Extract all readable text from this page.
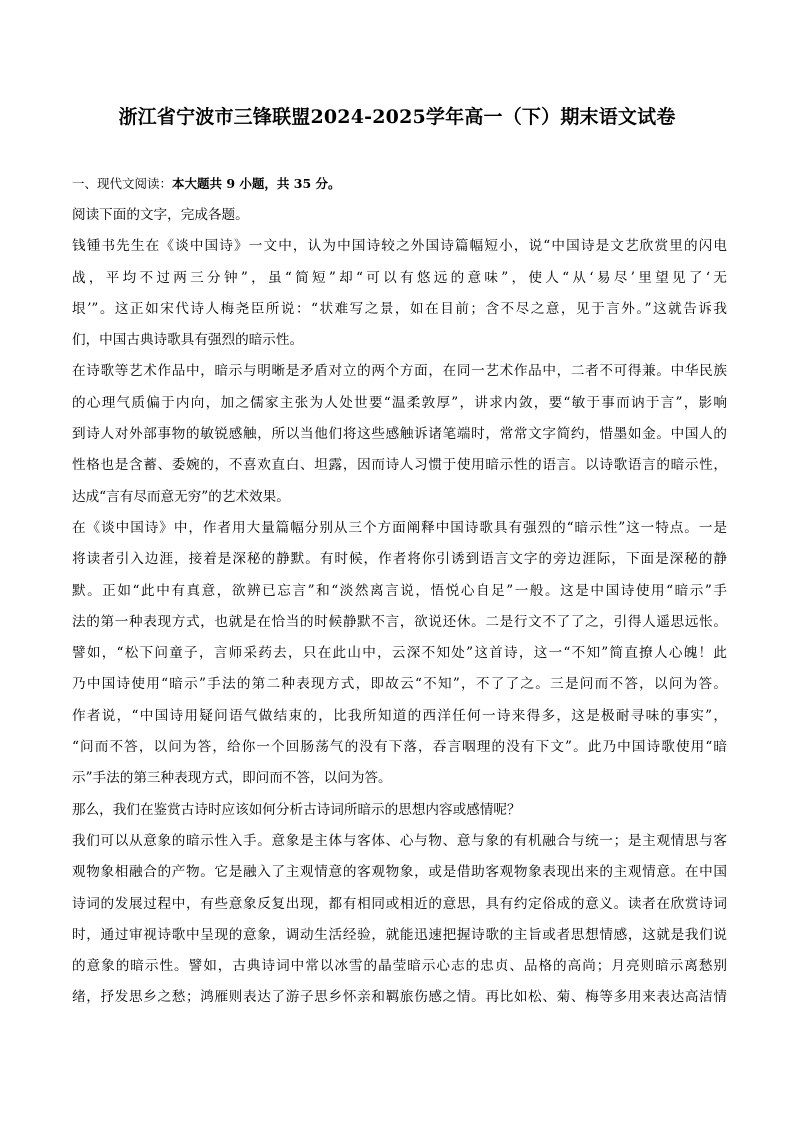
浙江省宁波市三锋联盟2024-2025学年高一（下）期末语文试卷
一、现代文阅读：本大题共 9 小题，共 35 分。
阅读下面的文字，完成各题。
钱锺书先生在《谈中国诗》一文中，认为中国诗较之外国诗篇幅短小，说“中国诗是文艺欣赏里的闪电
战，平均不过两三分钟”，虽“简短”却“可以有悠远的意味”，使人“从‘易尽’里望见了‘无
垠’”。这正如宋代诗人梅尧臣所说：“状难写之景，如在目前；含不尽之意，见于言外。”这就告诉我
们，中国古典诗歌具有强烈的暗示性。
在诗歌等艺术作品中，暗示与明晰是矛盾对立的两个方面，在同一艺术作品中，二者不可得兼。中华民族
的心理气质偏于内向，加之儒家主张为人处世要“温柔敦厚”，讲求内敛，要“敏于事而讷于言”，影响
到诗人对外部事物的敏锐感触，所以当他们将这些感触诉诸笔端时，常常文字简约，惜墨如金。中国人的
性格也是含蓄、委婉的，不喜欢直白、坦露，因而诗人习惯于使用暗示性的语言。以诗歌语言的暗示性，
达成“言有尽而意无穷”的艺术效果。
在《谈中国诗》中，作者用大量篇幅分别从三个方面阐释中国诗歌具有强烈的“暗示性”这一特点。一是
将读者引入边涯，接着是深秘的静默。有时候，作者将你引诱到语言文字的旁边涯际，下面是深秘的静
默。正如“此中有真意，欲辨已忘言”和“淡然离言说，悟悦心自足”一般。这是中国诗使用“暗示”手
法的第一种表现方式，也就是在恰当的时候静默不言，欲说还休。二是行文不了了之，引得人遥思远怅。
譬如，“松下问童子，言师采药去，只在此山中，云深不知处”这首诗，这一“不知”简直撩人心魄！此
乃中国诗使用“暗示”手法的第二种表现方式，即故云“不知”，不了了之。三是问而不答，以问为答。
作者说，“中国诗用疑问语气做结束的，比我所知道的西洋任何一诗来得多，这是极耐寻味的事实”，
“问而不答，以问为答，给你一个回肠荡气的没有下落，吞言咽理的没有下文”。此乃中国诗歌使用“暗
示”手法的第三种表现方式，即问而不答，以问为答。
那么，我们在鉴赏古诗时应该如何分析古诗词所暗示的思想内容或感情呢？
我们可以从意象的暗示性入手。意象是主体与客体、心与物、意与象的有机融合与统一；是主观情思与客
观物象相融合的产物。它是融入了主观情意的客观物象，或是借助客观物象表现出来的主观情意。在中国
诗词的发展过程中，有些意象反复出现，都有相同或相近的意思，具有约定俗成的意义。读者在欣赏诗词
时，通过审视诗歌中呈现的意象，调动生活经验，就能迅速把握诗歌的主旨或者思想情感，这就是我们说
的意象的暗示性。譬如，古典诗词中常以冰雪的晶莹暗示心志的忠贞、品格的高尚；月亮则暗示离愁别
绪，抒发思乡之愁；鸿雁则表达了游子思乡怀亲和羁旅伤感之情。再比如松、菊、梅等多用来表达高洁情
